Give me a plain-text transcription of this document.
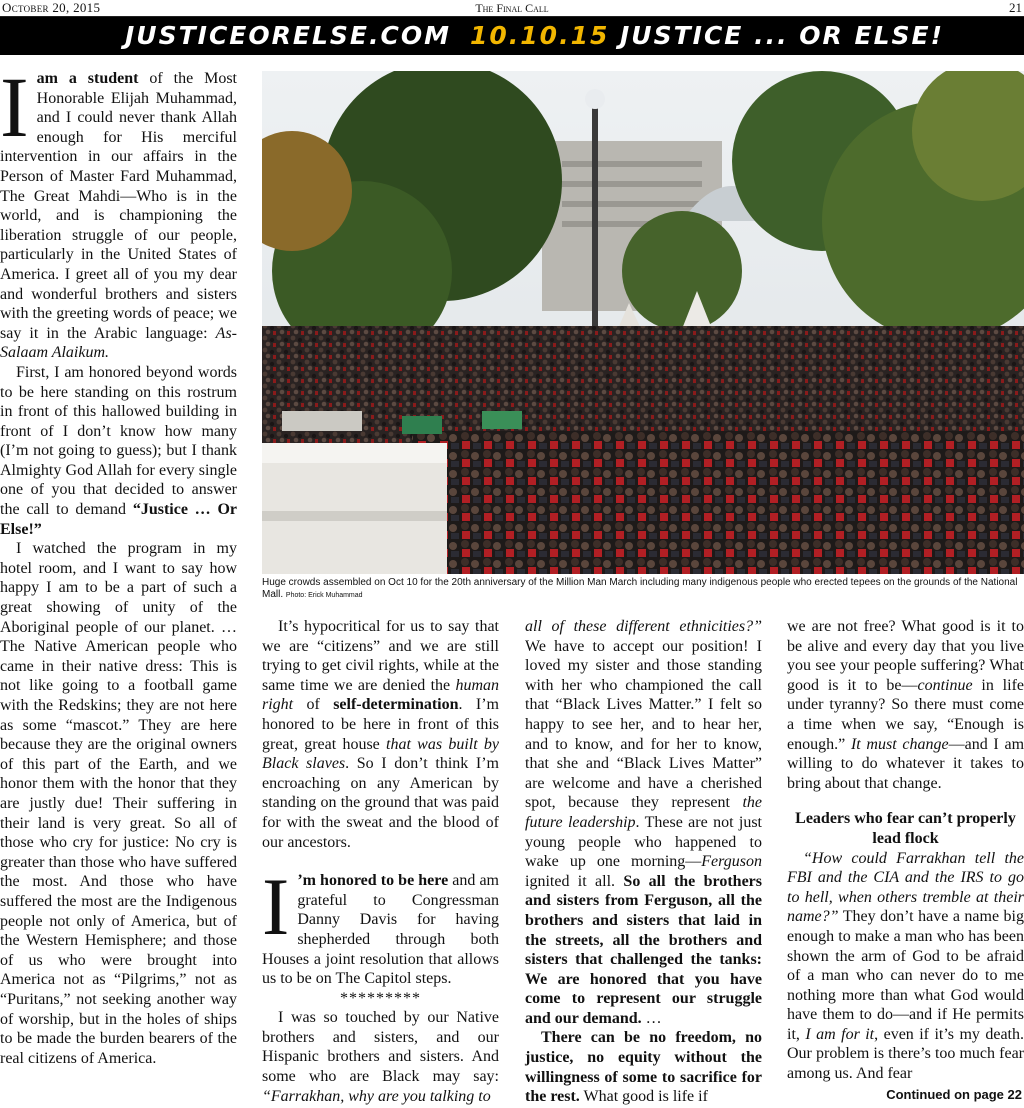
October 20, 2015	The Final Call	21
JUSTICEORELSE.COM 10.10.15 JUSTICE ... OR ELSE!

Iam a student of the Most Honorable Elijah Muhammad, and I could never thank Allah enough for His merciful intervention in our affairs in the Person of Master Fard Muhammad, The Great Mahdi—Who is in the world, and is championing the liberation struggle of our people, particularly in the United States of America. I greet all of you my dear and wonderful brothers and sisters with the greeting words of peace; we say it in the Arabic language: As-Salaam Alaikum.

First, I am honored beyond words to be here standing on this rostrum in front of this hallowed building in front of I don’t know how many (I’m not going to guess); but I thank Almighty God Allah for every single one of you that decided to answer the call to demand “Justice … Or Else!”

I watched the program in my hotel room, and I want to say how happy I am to be a part of such a great showing of unity of the Aboriginal people of our planet. … The Native American people who came in their native dress: This is not like going to a football game with the Redskins; they are not here as some “mascot.” They are here because they are the original owners of this part of the Earth, and we honor them with the honor that they are justly due! Their suffering in their land is very great. So all of those who cry for justice: No cry is greater than those who have suffered the most. And those who have suffered the most are the Indigenous people not only of America, but of the Western Hemisphere; and those of us who were brought into America not as “Pilgrims,” not as “Puritans,” not seeking another way of worship, but in the holes of ships to be made the burden bearers of the real citizens of America.

Huge crowds assembled on Oct 10 for the 20th anniversary of the Million Man March including many indigenous people who erected tepees on the grounds of the National Mall. Photo: Erick Muhammad

It’s hypocritical for us to say that we are “citizens” and we are still trying to get civil rights, while at the same time we are denied the human right of self-determination. I’m honored to be here in front of this great, great house that was built by Black slaves. So I don’t think I’m encroaching on any American by standing on the ground that was paid for with the sweat and the blood of our ancestors.

I ’m honored to be here and am grateful to Congressman Danny Davis for having shepherded through both Houses a joint resolution that allows us to be on The Capitol steps.

*********

I was so touched by our Native brothers and sisters, and our Hispanic brothers and sisters. And some who are Black may say: “Farrakhan, why are you talking to

all of these different ethnicities?” We have to accept our position! I loved my sister and those standing with her who championed the call that “Black Lives Matter.” I felt so happy to see her, and to hear her, and to know, and for her to know, that she and “Black Lives Matter” are welcome and have a cherished spot, because they represent the future leadership. These are not just young people who happened to wake up one morning—Ferguson ignited it all. So all the brothers and sisters from Ferguson, all the brothers and sisters that laid in the streets, all the brothers and sisters that challenged the tanks: We are honored that you have come to represent our struggle and our demand. …

There can be no freedom, no justice, no equity without the willingness of some to sacrifice for the rest. What good is life if

we are not free? What good is it to be alive and every day that you live you see your people suffering? What good is it to be—continue in life under tyranny? So there must come a time when we say, “Enough is enough.” It must change—and I am willing to do whatever it takes to bring about that change.

Leaders who fear can’t properly lead flock

“How could Farrakhan tell the FBI and the CIA and the IRS to go to hell, when others tremble at their name?” They don’t have a name big enough to make a man who has been shown the arm of God to be afraid of a man who can never do to me nothing more than what God would have them to do—and if He permits it, I am for it, even if it’s my death. Our problem is there’s too much fear among us. And fear

Continued on page 22
